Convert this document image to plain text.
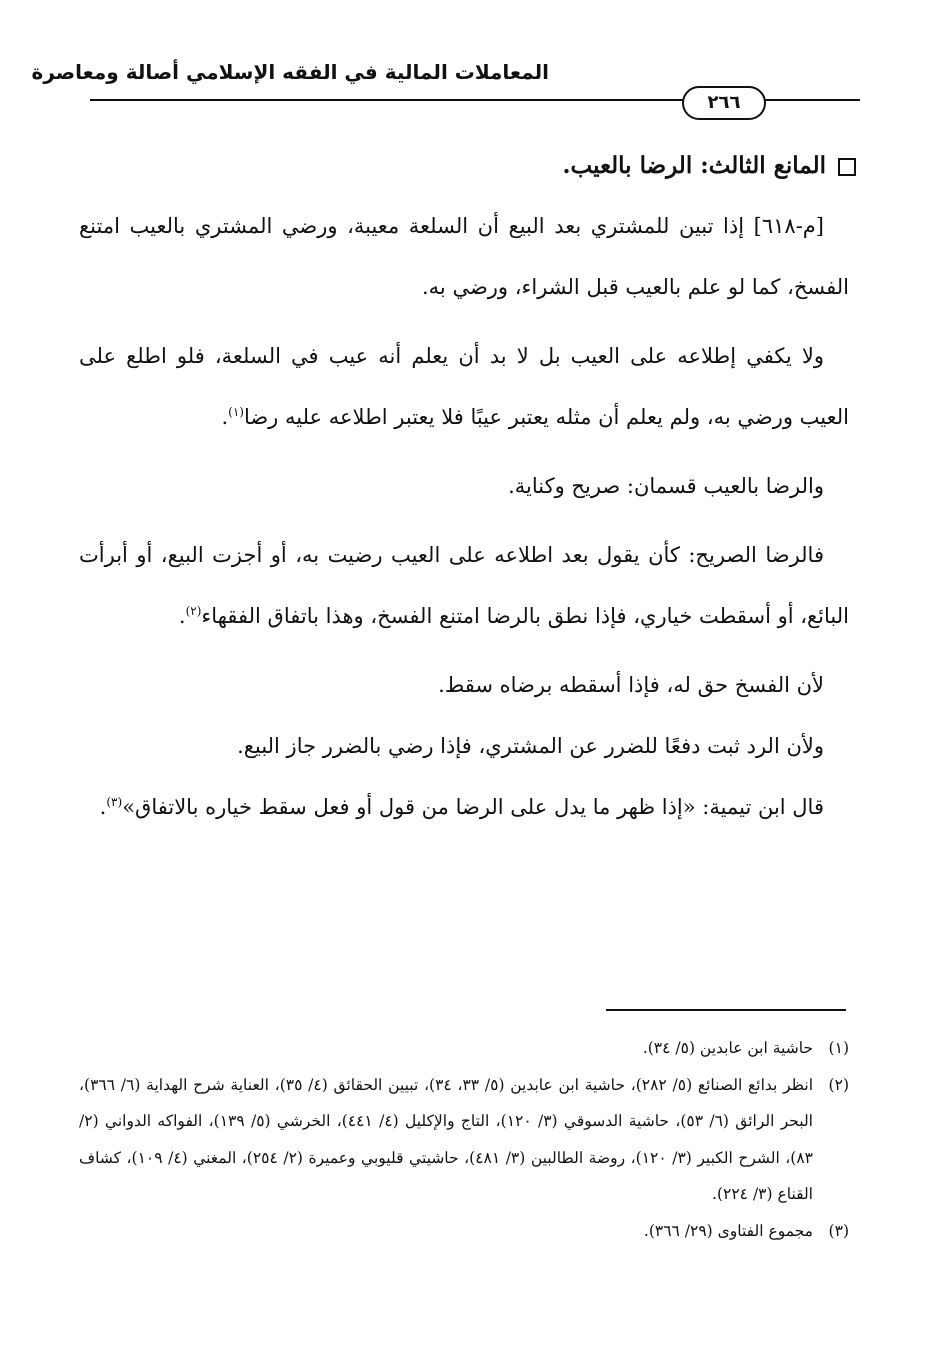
المعاملات المالية في الفقه الإسلامي أصالة ومعاصرة
٢٦٦
المانع الثالث: الرضا بالعيب.

[م-٦١٨] إذا تبين للمشتري بعد البيع أن السلعة معيبة، ورضي المشتري بالعيب امتنع الفسخ، كما لو علم بالعيب قبل الشراء، ورضي به.

ولا يكفي إطلاعه على العيب بل لا بد أن يعلم أنه عيب في السلعة، فلو اطلع على العيب ورضي به، ولم يعلم أن مثله يعتبر عيبًا فلا يعتبر اطلاعه عليه رضا$^{(١)}$.

والرضا بالعيب قسمان: صريح وكناية.

فالرضا الصريح: كأن يقول بعد اطلاعه على العيب رضيت به، أو أجزت البيع، أو أبرأت البائع، أو أسقطت خياري، فإذا نطق بالرضا امتنع الفسخ، وهذا باتفاق الفقهاء$^{(٢)}$.

لأن الفسخ حق له، فإذا أسقطه برضاه سقط.

ولأن الرد ثبت دفعًا للضرر عن المشتري، فإذا رضي بالضرر جاز البيع.

قال ابن تيمية: «إذا ظهر ما يدل على الرضا من قول أو فعل سقط خياره بالاتفاق»$^{(٣)}$.

(١)
حاشية ابن عابدين (٥/ ٣٤).
(٢)
انظر بدائع الصنائع (٥/ ٢٨٢)، حاشية ابن عابدين (٥/ ٣٣، ٣٤)، تبيين الحقائق (٤/ ٣٥)، العناية شرح الهداية (٦/ ٣٦٦)، البحر الرائق (٦/ ٥٣)، حاشية الدسوقي (٣/ ١٢٠)، التاج والإكليل (٤/ ٤٤١)، الخرشي (٥/ ١٣٩)، الفواكه الدواني (٢/ ٨٣)، الشرح الكبير (٣/ ١٢٠)، روضة الطالبين (٣/ ٤٨١)، حاشيتي قليوبي وعميرة (٢/ ٢٥٤)، المغني (٤/ ١٠٩)، كشاف القناع (٣/ ٢٢٤).
(٣)
مجموع الفتاوى (٢٩/ ٣٦٦).
